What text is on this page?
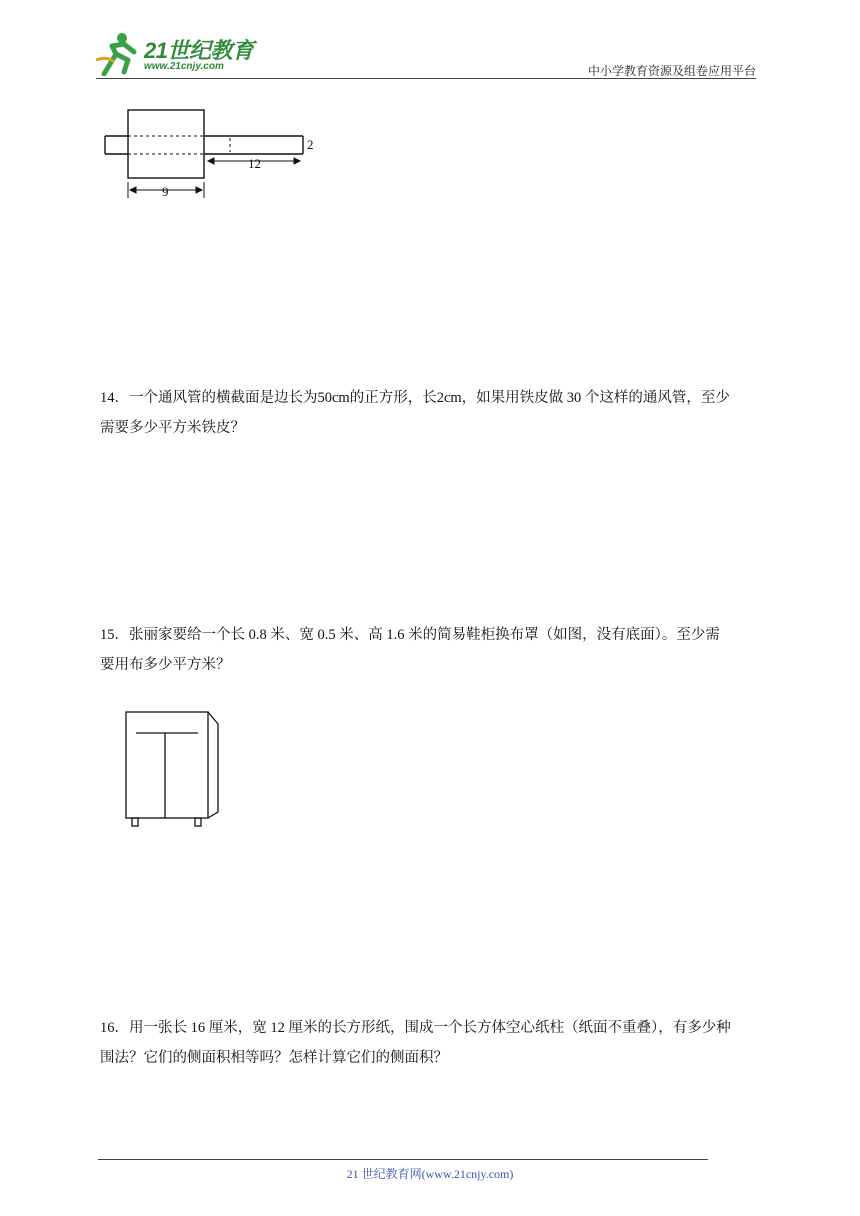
21世纪教育
www.21cnjy.com	中小学教育资源及组卷应用平台
12
2
9
14．一个通风管的横截面是边长为50cm的正方形，长2cm，如果用铁皮做 30 个这样的通风管，至少
需要多少平方米铁皮？
15．张丽家要给一个长 0.8 米、宽 0.5 米、高 1.6 米的简易鞋柜换布罩（如图，没有底面）。至少需
要用布多少平方米？
16．用一张长 16 厘米，宽 12 厘米的长方形纸，围成一个长方体空心纸柱（纸面不重叠），有多少种
围法？它们的侧面积相等吗？怎样计算它们的侧面积？
21 世纪教育网(www.21cnjy.com)
